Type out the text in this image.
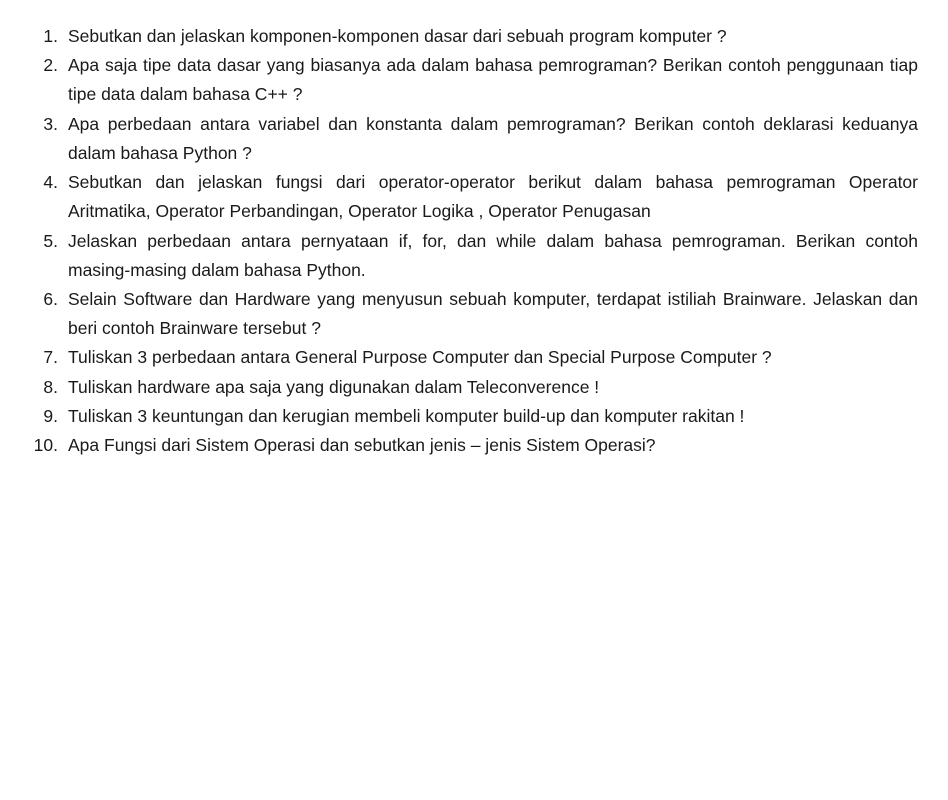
1. Sebutkan dan jelaskan komponen-komponen dasar dari sebuah program komputer ?
2. Apa saja tipe data dasar yang biasanya ada dalam bahasa pemrograman? Berikan contoh penggunaan tiap tipe data dalam bahasa C++ ?
3. Apa perbedaan antara variabel dan konstanta dalam pemrograman? Berikan contoh deklarasi keduanya dalam bahasa Python ?
4. Sebutkan dan jelaskan fungsi dari operator-operator berikut dalam bahasa pemrograman Operator Aritmatika, Operator Perbandingan, Operator Logika , Operator Penugasan
5. Jelaskan perbedaan antara pernyataan if, for, dan while dalam bahasa pemrograman. Berikan contoh masing-masing dalam bahasa Python.
6. Selain Software dan Hardware yang menyusun sebuah komputer, terdapat istiliah Brainware. Jelaskan dan beri contoh Brainware tersebut ?
7. Tuliskan 3 perbedaan antara General Purpose Computer dan Special Purpose Computer ?
8. Tuliskan hardware apa saja yang digunakan dalam Teleconverence !
9. Tuliskan 3 keuntungan dan kerugian membeli komputer build-up dan komputer rakitan !
10. Apa Fungsi dari Sistem Operasi dan sebutkan jenis – jenis Sistem Operasi?
